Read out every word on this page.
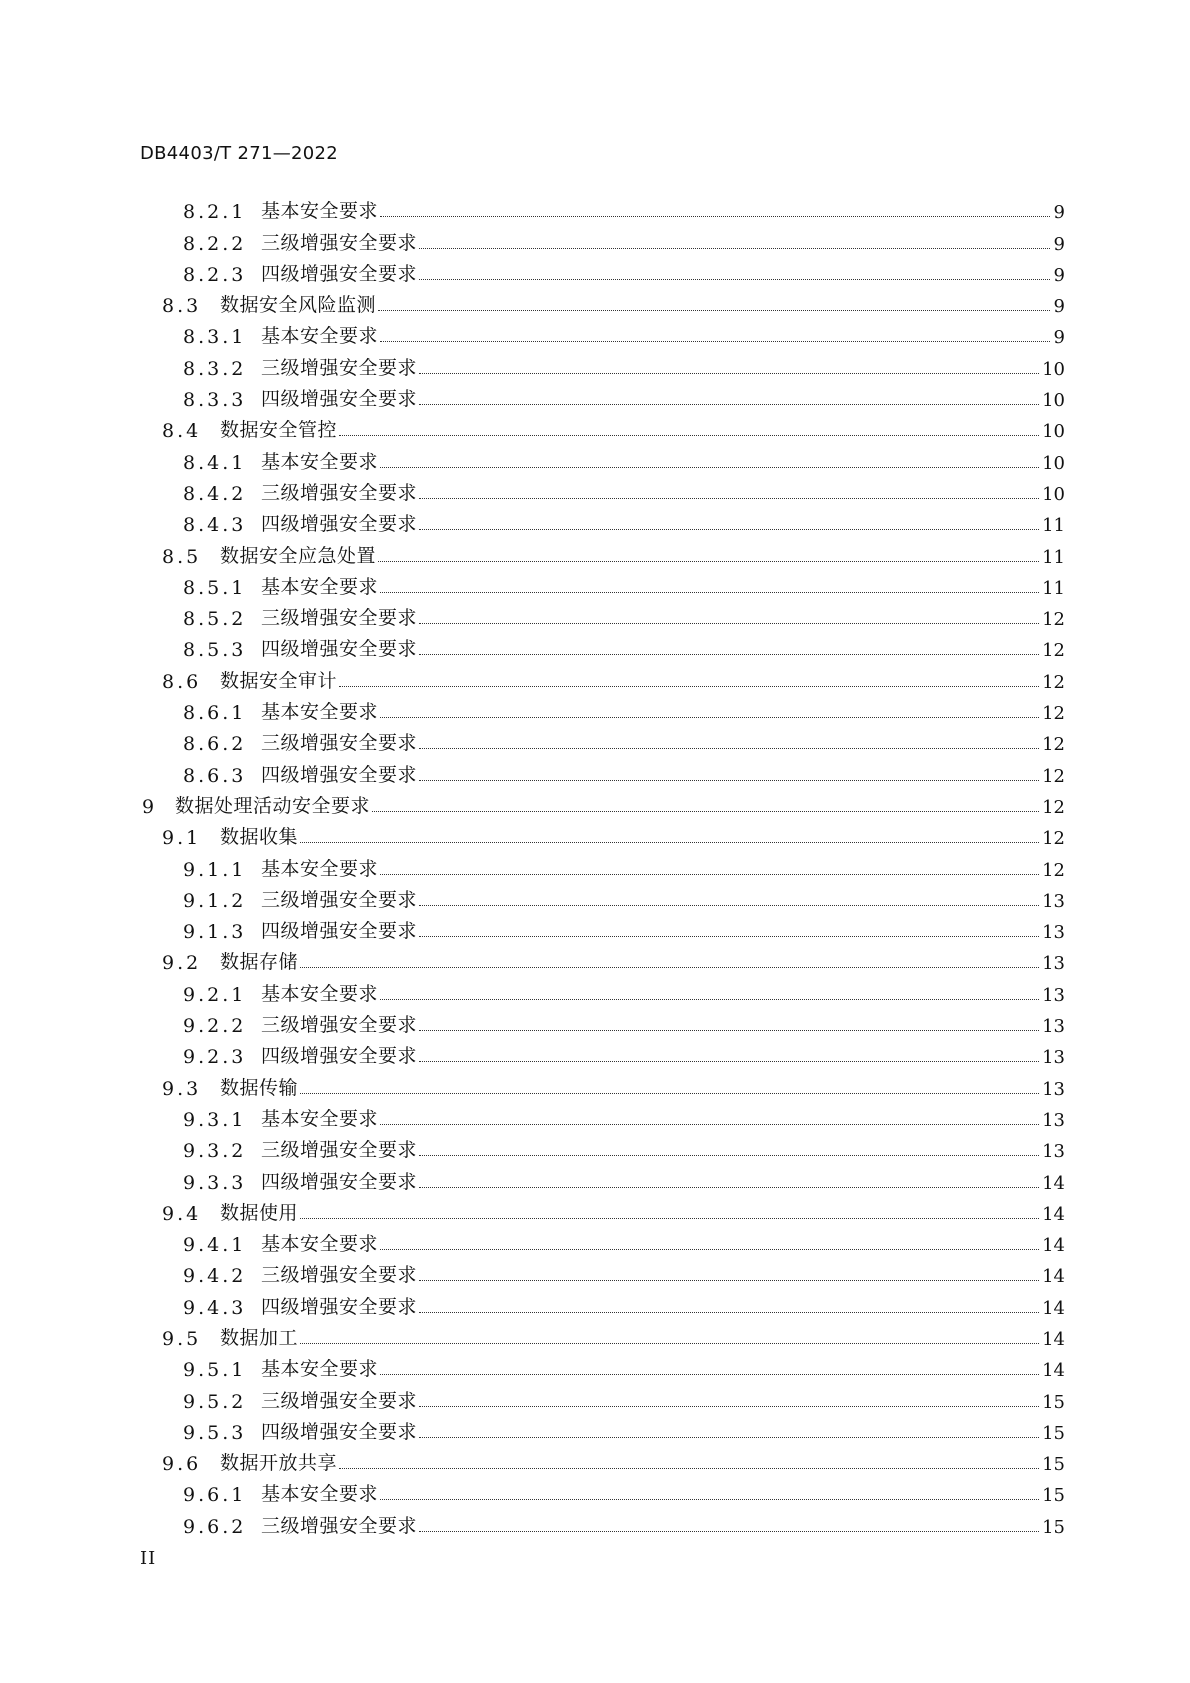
DB4403/T 271—2022
8.2.1 基本安全要求	9
8.2.2 三级增强安全要求	9
8.2.3 四级增强安全要求	9
8.3 数据安全风险监测	9
8.3.1 基本安全要求	9
8.3.2 三级增强安全要求	10
8.3.3 四级增强安全要求	10
8.4 数据安全管控	10
8.4.1 基本安全要求	10
8.4.2 三级增强安全要求	10
8.4.3 四级增强安全要求	11
8.5 数据安全应急处置	11
8.5.1 基本安全要求	11
8.5.2 三级增强安全要求	12
8.5.3 四级增强安全要求	12
8.6 数据安全审计	12
8.6.1 基本安全要求	12
8.6.2 三级增强安全要求	12
8.6.3 四级增强安全要求	12
9 数据处理活动安全要求	12
9.1 数据收集	12
9.1.1 基本安全要求	12
9.1.2 三级增强安全要求	13
9.1.3 四级增强安全要求	13
9.2 数据存储	13
9.2.1 基本安全要求	13
9.2.2 三级增强安全要求	13
9.2.3 四级增强安全要求	13
9.3 数据传输	13
9.3.1 基本安全要求	13
9.3.2 三级增强安全要求	13
9.3.3 四级增强安全要求	14
9.4 数据使用	14
9.4.1 基本安全要求	14
9.4.2 三级增强安全要求	14
9.4.3 四级增强安全要求	14
9.5 数据加工	14
9.5.1 基本安全要求	14
9.5.2 三级增强安全要求	15
9.5.3 四级增强安全要求	15
9.6 数据开放共享	15
9.6.1 基本安全要求	15
9.6.2 三级增强安全要求	15
II
